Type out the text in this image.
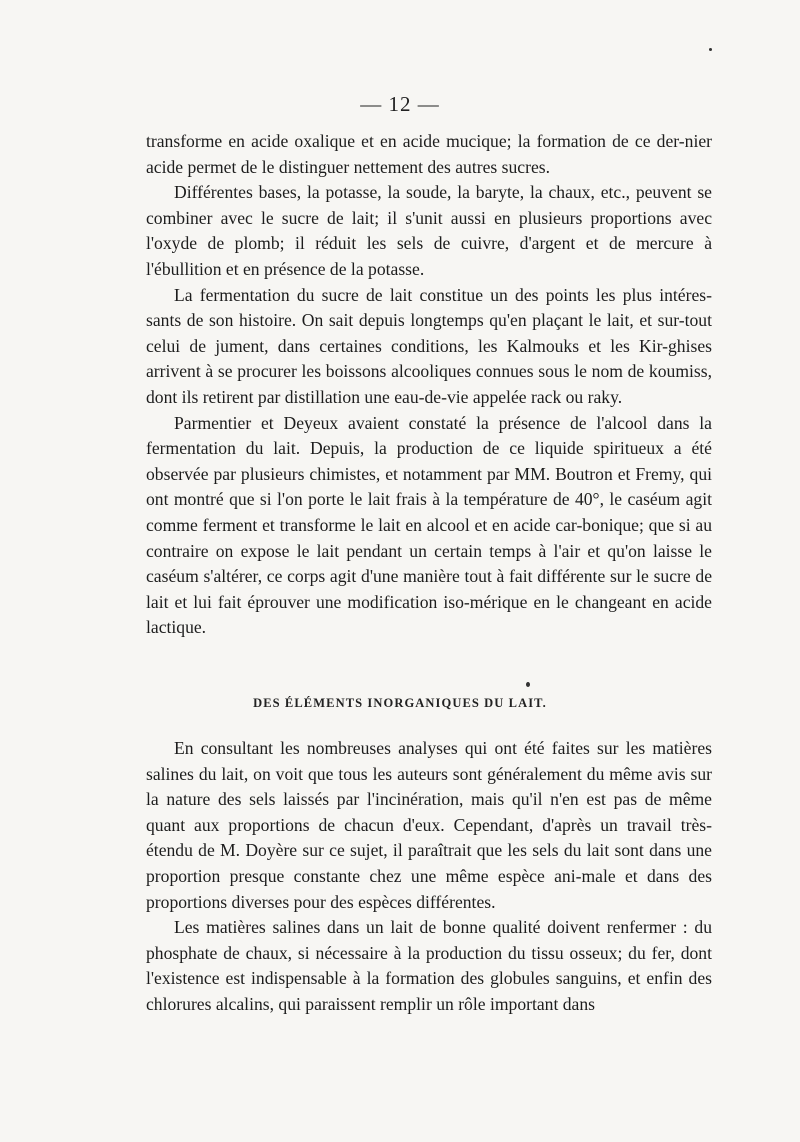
— 12 —

transforme en acide oxalique et en acide mucique; la formation de ce der-nier acide permet de le distinguer nettement des autres sucres.

Différentes bases, la potasse, la soude, la baryte, la chaux, etc., peuvent se combiner avec le sucre de lait; il s'unit aussi en plusieurs proportions avec l'oxyde de plomb; il réduit les sels de cuivre, d'argent et de mercure à l'ébullition et en présence de la potasse.

La fermentation du sucre de lait constitue un des points les plus intéres-sants de son histoire. On sait depuis longtemps qu'en plaçant le lait, et sur-tout celui de jument, dans certaines conditions, les Kalmouks et les Kir-ghises arrivent à se procurer les boissons alcooliques connues sous le nom de koumiss, dont ils retirent par distillation une eau-de-vie appelée rack ou raky.

Parmentier et Deyeux avaient constaté la présence de l'alcool dans la fermentation du lait. Depuis, la production de ce liquide spiritueux a été observée par plusieurs chimistes, et notamment par MM. Boutron et Fremy, qui ont montré que si l'on porte le lait frais à la température de 40°, le caséum agit comme ferment et transforme le lait en alcool et en acide car-bonique; que si au contraire on expose le lait pendant un certain temps à l'air et qu'on laisse le caséum s'altérer, ce corps agit d'une manière tout à fait différente sur le sucre de lait et lui fait éprouver une modification iso-mérique en le changeant en acide lactique.

DES ÉLÉMENTS INORGANIQUES DU LAIT.

En consultant les nombreuses analyses qui ont été faites sur les matières salines du lait, on voit que tous les auteurs sont généralement du même avis sur la nature des sels laissés par l'incinération, mais qu'il n'en est pas de même quant aux proportions de chacun d'eux. Cependant, d'après un travail très-étendu de M. Doyère sur ce sujet, il paraîtrait que les sels du lait sont dans une proportion presque constante chez une même espèce ani-male et dans des proportions diverses pour des espèces différentes.

Les matières salines dans un lait de bonne qualité doivent renfermer : du phosphate de chaux, si nécessaire à la production du tissu osseux; du fer, dont l'existence est indispensable à la formation des globules sanguins, et enfin des chlorures alcalins, qui paraissent remplir un rôle important dans
